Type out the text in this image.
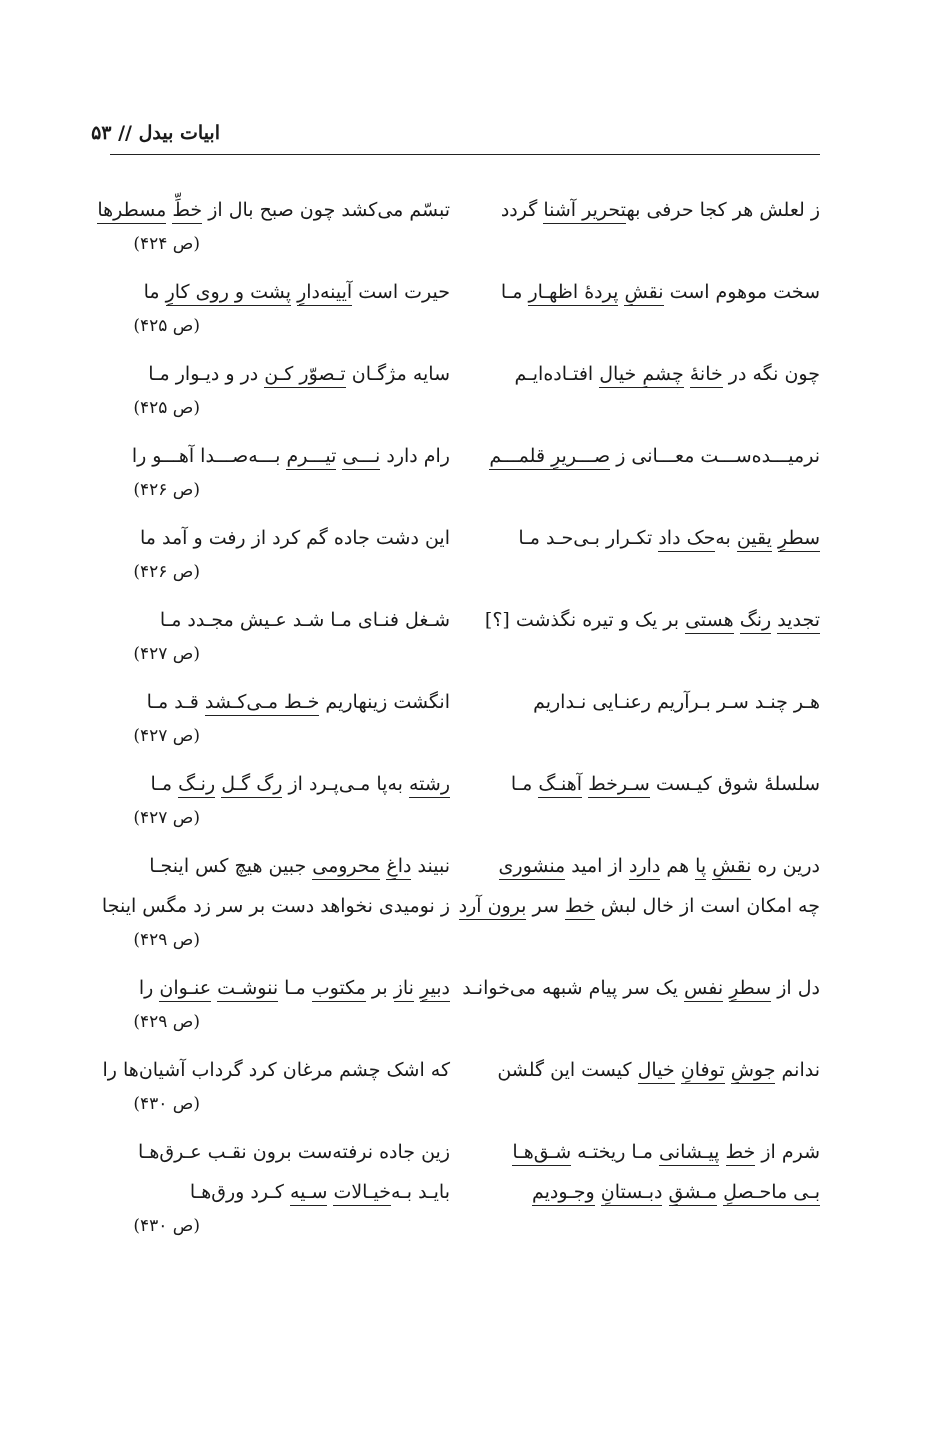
ابیات بیدل // ۵۳
ز لعلش هر کجا حرفی بهتحریر آشنا گردد
تبسّم می‌کشد چون صبح بال از خطِّ مسطرها
(ص ۴۲۴)
سخت موهوم است نقشِ پردهٔ اظهـار مـا
حیرت است آیینه‌دارِ پشت و روی کارِ ما
(ص ۴۲۵)
چون نگه در خانهٔ چشمِ خیال افتـاده‌ایـم
سایه مژگـان تـصوّر کـن در و دیـوار مـا
(ص ۴۲۵)
نرمیـــده‌ســـت معـــانی ز صـــریرِ قلمـــم
رام دارد نـــی تیـــرم بـــه‌صـــدا آهـــو را
(ص ۴۲۶)
سطرِ یقین به‌حک داد تکـرار بـی‌حـد مـا
این دشت جاده گم کرد از رفت و آمد ما
(ص ۴۲۶)
تجدید رنگ هستی بر یک و تیره نگذشت [؟]
شـغل فنـای مـا شـد عـیش مجـدد مـا
(ص ۴۲۷)
هـر چنـد سـر بـرآریم رعنـایی نـداریم
انگشت زینهاریم خـط مـی‌کـشد قـد مـا
(ص ۴۲۷)
سلسلهٔ شوق کیـست سـرخط آهنـگ مـا
رشته به‌پا مـی‌پـرد از رگ گـل رنـگ مـا
(ص ۴۲۷)
درین ره نقشِ پا هم دارد از امید منشوری
نبیند داغِ محرومی جبین هیچ کس اینجـا
چه امکان است از خال لبش خط سر برون آرد
ز نومیدی نخواهد دست بر سر زد مگس اینجا
(ص ۴۲۹)
دل از سطرِ نفس یک سر پیام شبهه می‌خوانـد
دبیرِ ناز بر مکتوب مـا ننوشـت عنـوان را
(ص ۴۲۹)
ندانم جوشِ توفانِ خیال کیست این گلشن
که اشک چشم مرغان کرد گرداب آشیان‌ها را
(ص ۴۳۰)
شرم از خط پیـشانی مـا ریختـه شـق‌هـا
زین جاده نرفته‌ست برون نقـب عـرق‌هـا
بـی ماحـصلِ مـشقِ دبـستانِ وجـودیم
بایـد بـه‌خیـالات سـیه کـرد ورق‌هـا
(ص ۴۳۰)
